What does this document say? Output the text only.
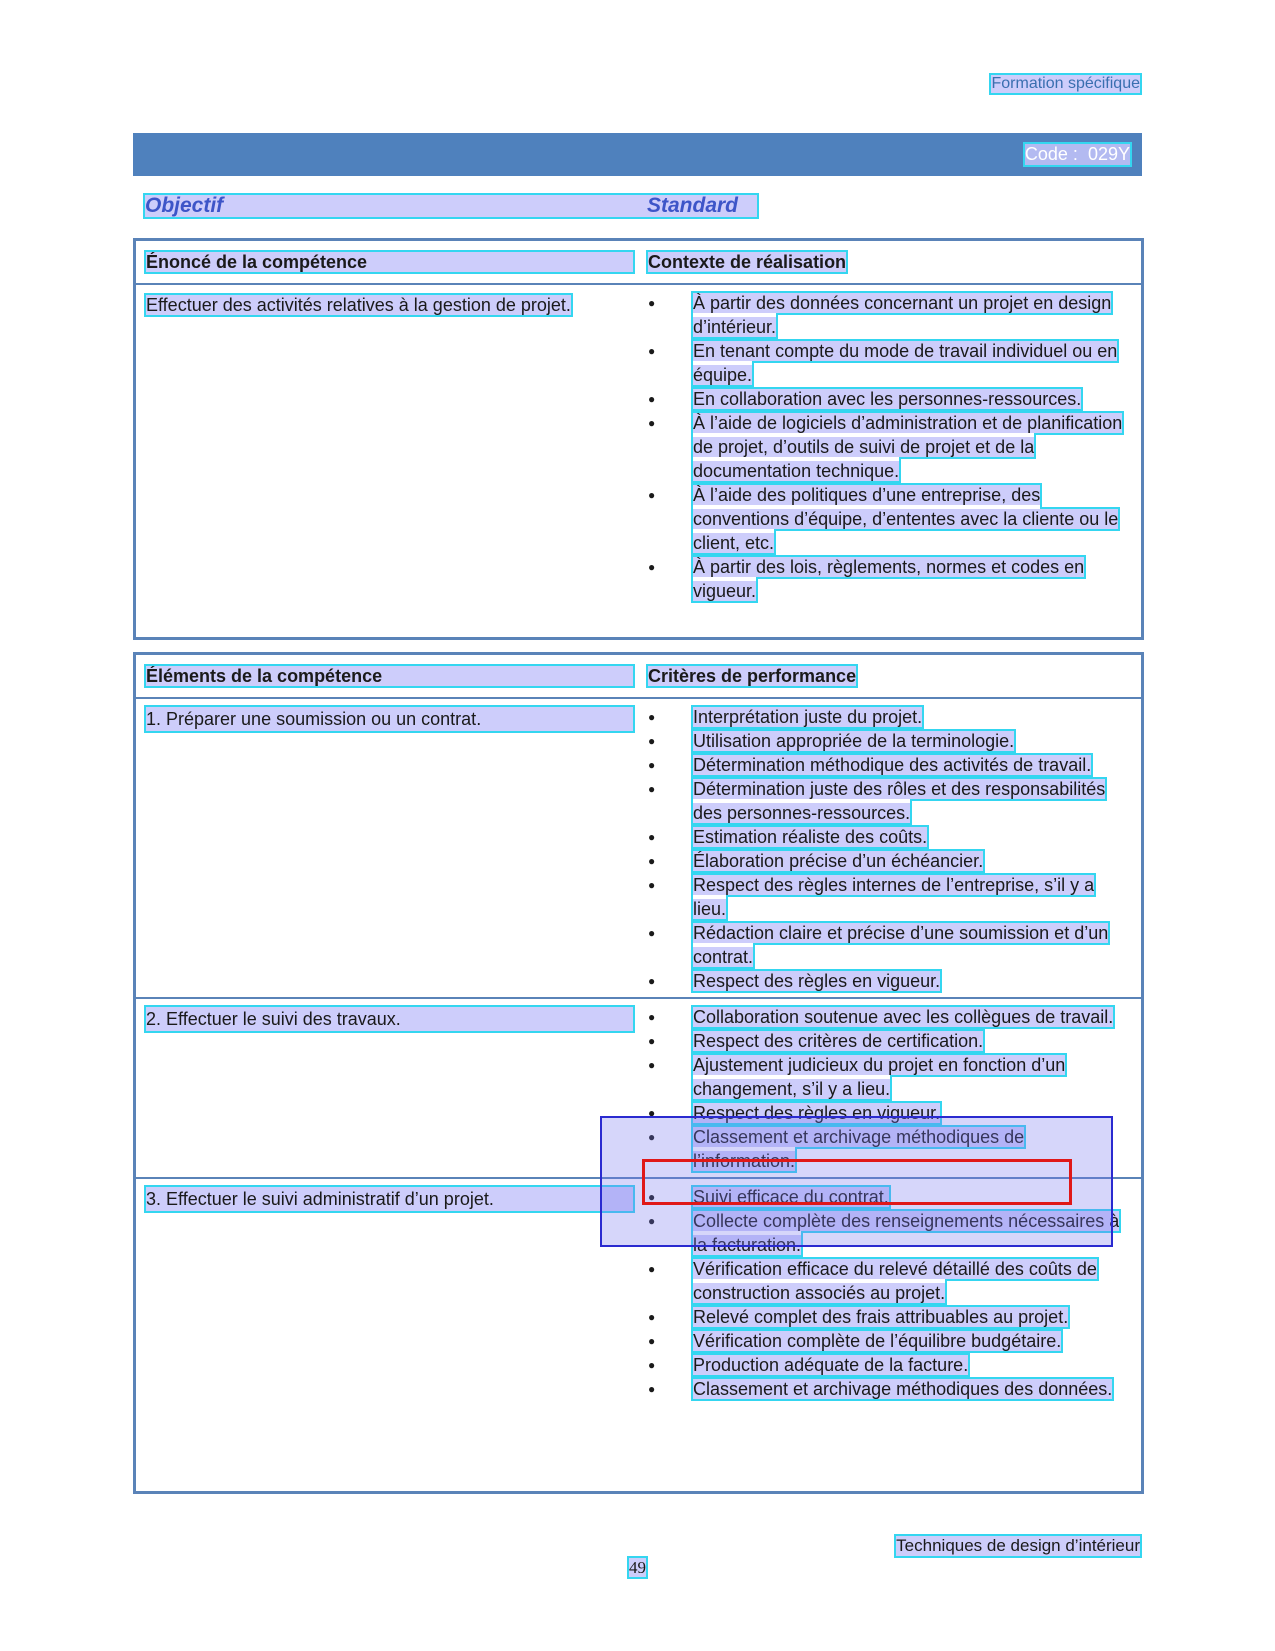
Formation spécifique
Code : 029Y
Objectif	Standard
Énoncé de la compétence	Contexte de réalisation
Effectuer des activités relatives à la gestion de projet.	● À partir des données concernant un projet en design d’intérieur.
● En tenant compte du mode de travail individuel ou en équipe.
● En collaboration avec les personnes-ressources.
● À l’aide de logiciels d’administration et de planification de projet, d’outils de suivi de projet et de la documentation technique.
● À l’aide des politiques d’une entreprise, des conventions d’équipe, d’ententes avec la cliente ou le client, etc.
● À partir des lois, règlements, normes et codes en vigueur.
Éléments de la compétence	Critères de performance
1. Préparer une soumission ou un contrat.	● Interprétation juste du projet.
● Utilisation appropriée de la terminologie.
● Détermination méthodique des activités de travail.
● Détermination juste des rôles et des responsabilités des personnes-ressources.
● Estimation réaliste des coûts.
● Élaboration précise d’un échéancier.
● Respect des règles internes de l’entreprise, s’il y a lieu.
● Rédaction claire et précise d’une soumission et d’un contrat.
● Respect des règles en vigueur.
2. Effectuer le suivi des travaux.	● Collaboration soutenue avec les collègues de travail.
● Respect des critères de certification.
● Ajustement judicieux du projet en fonction d’un changement, s’il y a lieu.
● Respect des règles en vigueur.
● Classement et archivage méthodiques de l’information.
3. Effectuer le suivi administratif d’un projet.	● Suivi efficace du contrat.
● Collecte complète des renseignements nécessaires à la facturation.
● Vérification efficace du relevé détaillé des coûts de construction associés au projet.
● Relevé complet des frais attribuables au projet.
● Vérification complète de l’équilibre budgétaire.
● Production adéquate de la facture.
● Classement et archivage méthodiques des données.
Techniques de design d’intérieur
49
